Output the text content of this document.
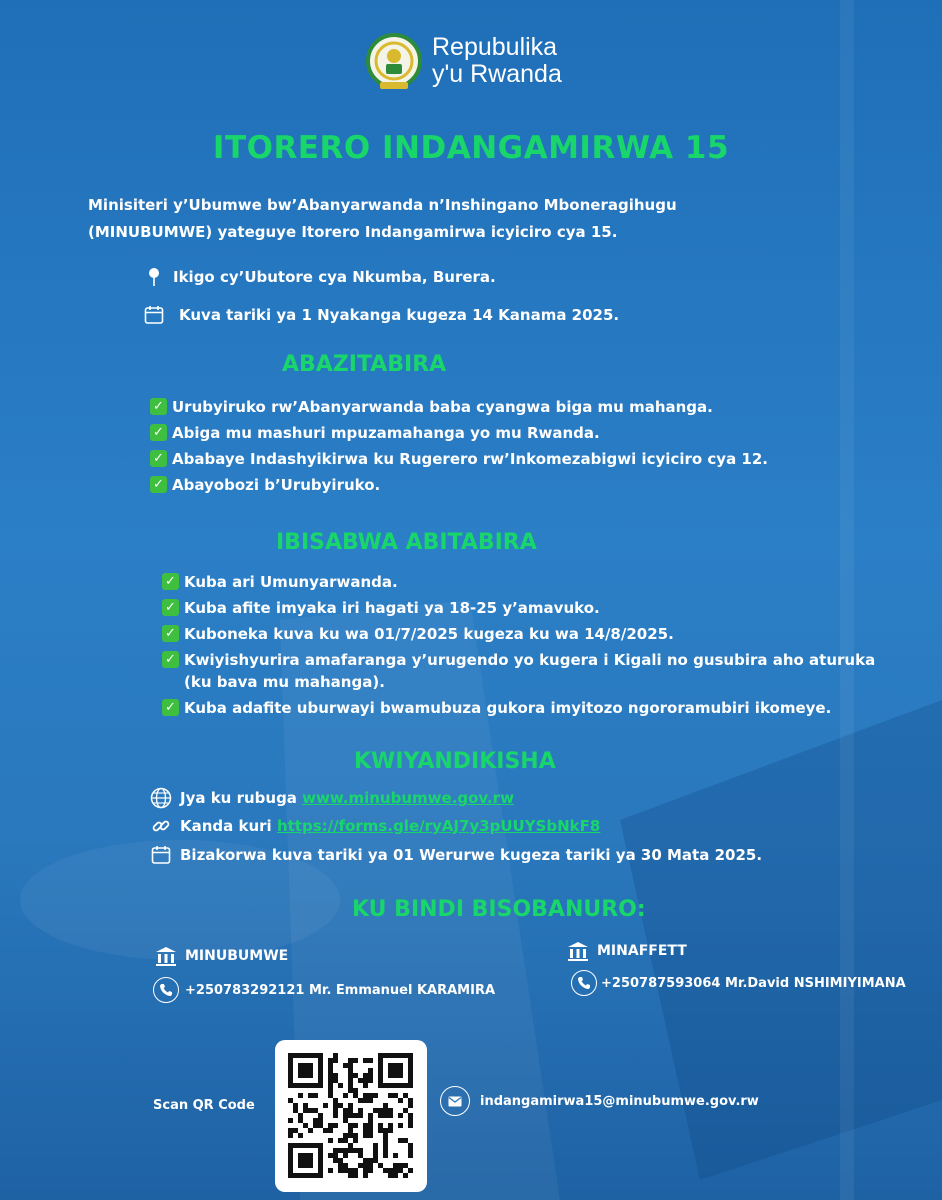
Repubulika
y'u Rwanda
ITORERO INDANGAMIRWA 15
Minisiteri y’Ubumwe bw’Abanyarwanda n’Inshingano Mboneragihugu
(MINUBUMWE) yateguye Itorero Indangamirwa icyiciro cya 15.
Ikigo cy’Ubutore cya Nkumba, Burera.
Kuva tariki ya 1 Nyakanga kugeza 14 Kanama 2025.
ABAZITABIRA
✓ Urubyiruko rw’Abanyarwanda baba cyangwa biga mu mahanga.
✓ Abiga mu mashuri mpuzamahanga yo mu Rwanda.
✓ Ababaye Indashyikirwa ku Rugerero rw’Inkomezabigwi icyiciro cya 12.
✓ Abayobozi b’Urubyiruko.
IBISABWA ABITABIRA
✓ Kuba ari Umunyarwanda.
✓ Kuba afite imyaka iri hagati ya 18-25 y’amavuko.
✓ Kuboneka kuva ku wa 01/7/2025 kugeza ku wa 14/8/2025.
✓ Kwiyishyurira amafaranga y’urugendo yo kugera i Kigali no gusubira aho aturuka
(ku bava mu mahanga).
✓ Kuba adafite uburwayi bwamubuza gukora imyitozo ngororamubiri ikomeye.
KWIYANDIKISHA
Jya ku rubuga
www.minubumwe.gov.rw
Kanda kuri
https://forms.gle/ryAJ7y3pUUYSbNkF8
Bizakorwa kuva tariki ya 01 Werurwe kugeza tariki ya 30 Mata 2025.
KU BINDI BISOBANURO:
MINUBUMWE
+250783292121 Mr. Emmanuel KARAMIRA
MINAFFETT
+250787593064 Mr.David NSHIMIYIMANA
Scan QR Code	indangamirwa15@minubumwe.gov.rw
